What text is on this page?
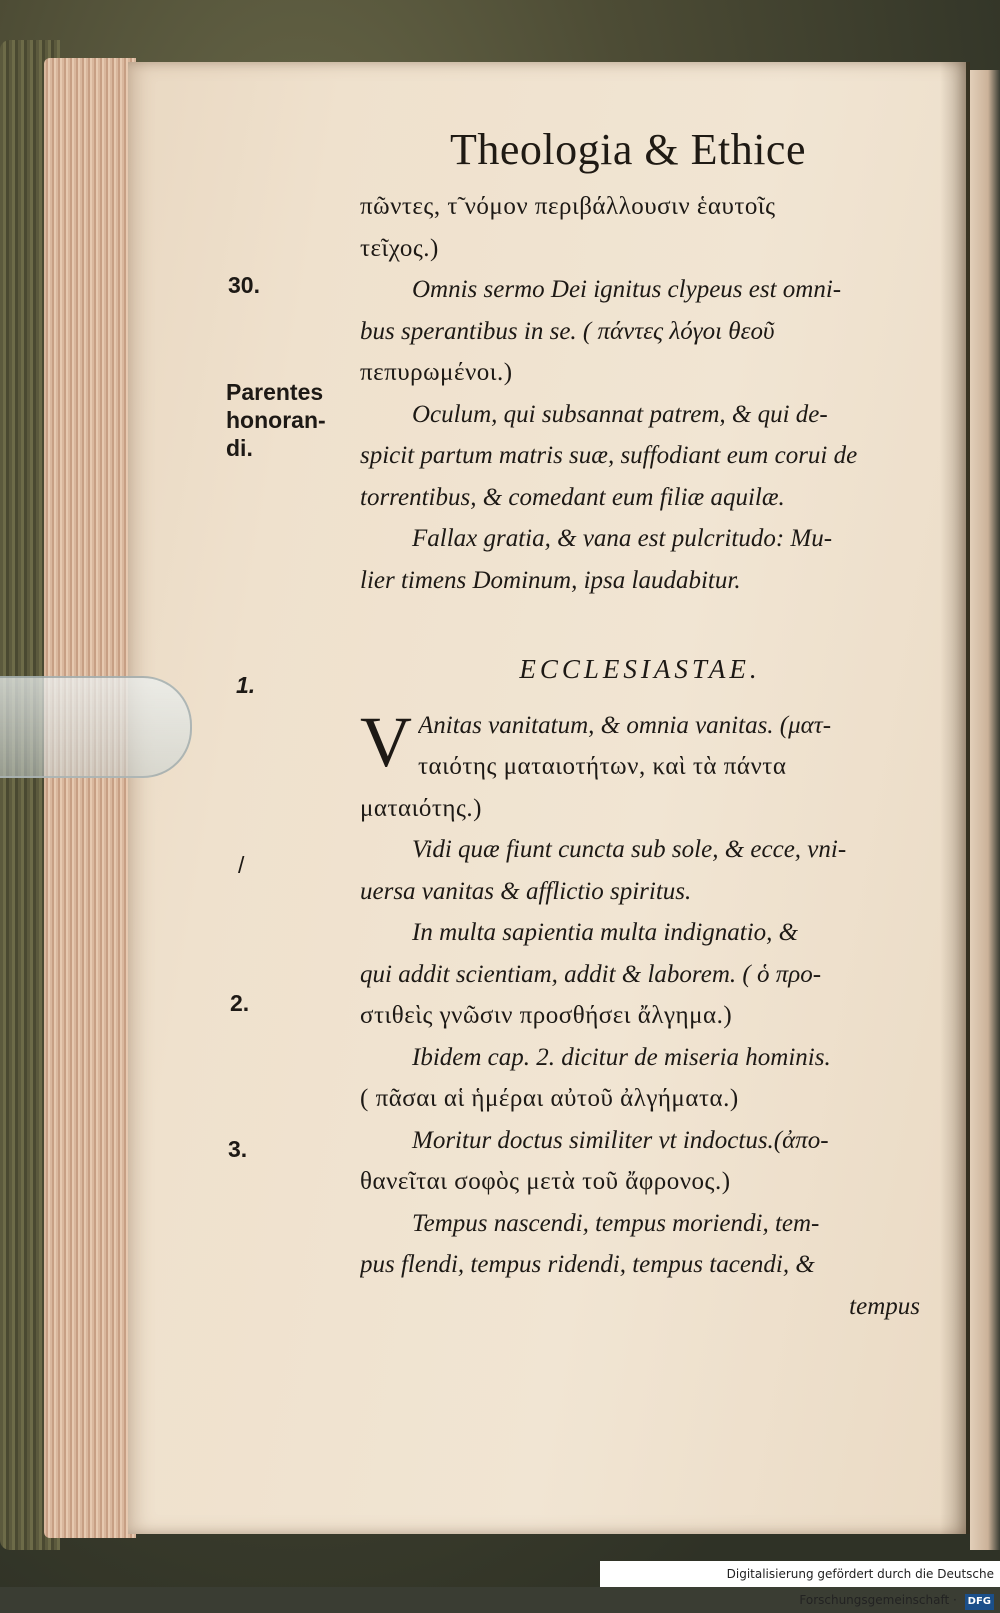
Theologia & Ethice
30.
Parentes
honoran-
di.
1.
/
2.
3.
πῶντες, τ̃ νόμον περιβάλλουσιν ἑαυτοῖς
τεῖχος.)
Omnis sermo Dei ignitus clypeus est omni-
bus sperantibus in se. ( πάντες λόγοι θεοῦ
πεπυρωμένοι.)
Oculum, qui subsannat patrem, & qui de-
spicit partum matris suæ, suffodiant eum corui de
torrentibus, & comedant eum filiæ aquilæ.
Fallax gratia, & vana est pulcritudo: Mu-
lier timens Dominum, ipsa laudabitur.
ECCLESIASTAE.
V Anitas vanitatum, & omnia vanitas. (ματ-
ταιότης ματαιοτήτων, καὶ τὰ πάντα
ματαιότης.)
Vidi quæ fiunt cuncta sub sole, & ecce, vni-
uersa vanitas & afflictio spiritus.
In multa sapientia multa indignatio, &
qui addit scientiam, addit & laborem. ( ὁ προ-
στιθεὶς γνῶσιν προσθήσει ἄλγημα.)
Ibidem cap. 2. dicitur de miseria hominis.
( πᾶσαι αἱ ἡμέραι αὐτοῦ ἀλγήματα.)
Moritur doctus similiter vt indoctus.(ἀπο-
θανεῖται σοφὸς μετὰ τοῦ ἄφρονος.)
Tempus nascendi, tempus moriendi, tem-
pus flendi, tempus ridendi, tempus tacendi, &
tempus
Digitalisierung gefördert durch die Deutsche Forschungsgemeinschaft · DFG
